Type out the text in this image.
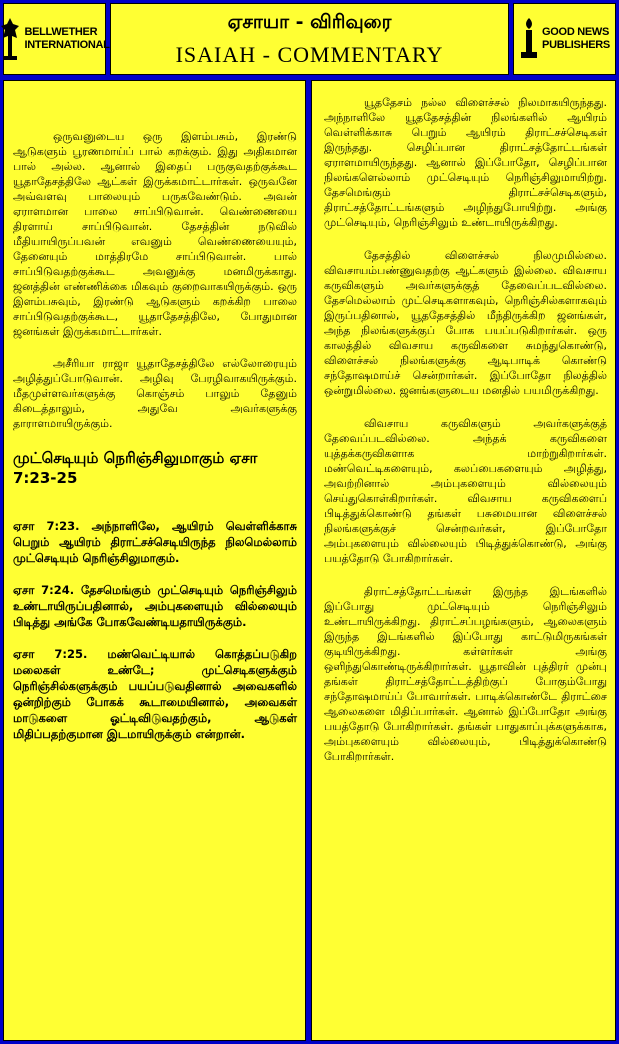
BELLWETHER
INTERNATIONAL
ஏசாயா - விரிவுரை
ISAIAH - COMMENTARY
GOOD NEWS
PUBLISHERS

ஒருவனுடைய ஒரு இளம்பசும், இரண்டு ஆடுகளும் பூரணமாய்ப் பால் கறக்கும். இது அதிகமான பால் அல்ல. ஆனால் இதைப் பருகுவதற்குக்கூட யூதாதேசத்திலே ஆட்கள் இருக்கமாட்டார்கள். ஒருவனே அவ்வளவு பாலையும் பருகவேண்டும். அவன் ஏராளமான பாலை சாப்பிடுவான். வெண்ணையை திரளாய் சாப்பிடுவான். தேசத்தின் நடுவில் மீதியாயிருப்பவன் எவனும் வெண்ணையையும், தேனையும் மாத்திரமே சாப்பிடுவான். பால் சாப்பிடுவதற்குக்கூட அவனுக்கு மனமிருக்காது. ஜனத்தின் எண்ணிக்கை மிகவும் குறைவாகயிருக்கும். ஒரு இளம்பசுவும், இரண்டு ஆடுகளும் கறக்கிற பாலை சாப்பிடுவதற்குக்கூட, யூதாதேசத்திலே, போதுமான ஜனங்கள் இருக்கமாட்டார்கள்.

அசீரியா ராஜா யூதாதேசத்திலே எல்லோரையும் அழித்துப்போடுவான். அழிவு பேரழிவாகயிருக்கும். மீதமுள்ளவர்களுக்கு கொஞ்சம் பாலும் தேனும் கிடைத்தாலும், அதுவே அவர்களுக்கு தாராளமாயிருக்கும்.

முட்செடியும் நெரிஞ்சிலுமாகும் ஏசா 7:23-25

ஏசா 7:23. அந்நாளிலே, ஆயிரம் வெள்ளிக்காசு பெறும் ஆயிரம் திராட்சச்செடியிருந்த நிலமெல்லாம் முட்செடியும் நெரிஞ்சிலுமாகும்.

ஏசா 7:24. தேசமெங்கும் முட்செடியும் நெரிஞ்சிலும் உண்டாயிருப்பதினால், அம்புகளையும் வில்லையும் பிடித்து அங்கே போகவேண்டியதாயிருக்கும்.

ஏசா 7:25. மண்வெட்டியால் கொத்தப்படுகிற மலைகள் உண்டே; முட்செடிகளுக்கும் நெரிஞ்சில்களுக்கும் பயப்படுவதினால் அவைகளில் ஒன்றிற்கும் போகக் கூடாமையினால், அவைகள் மாடுகளை ஓட்டிவிடுவதற்கும், ஆடுகள் மிதிப்பதற்குமான இடமாயிருக்கும் என்றான்.

யூததேசம் நல்ல விளைச்சல் நிலமாகயிருந்தது. அந்நாளிலே யூததேசத்தின் நிலங்களில் ஆயிரம் வெள்ளிக்காசு பெறும் ஆயிரம் திராட்சச்செடிகள் இருந்தது. செழிப்பான திராட்சத்தோட்டங்கள் ஏராளமாயிருந்தது. ஆனால் இப்போதோ, செழிப்பான நிலங்களெல்லாம் முட்செடியும் நெரிஞ்சிலுமாயிற்று. தேசமெங்கும் திராட்சச்செடிகளும், திராட்சத்தோட்டங்களும் அழிந்துபோயிற்று. அங்கு முட்செடியும், நெரிஞ்சிலும் உண்டாயிருக்கிறது.

தேசத்தில் விளைச்சல் நிலமுமில்லை. விவசாயம்பண்ணுவதற்கு ஆட்களும் இல்லை. விவசாய கருவிகளும் அவர்களுக்குத் தேவைப்படவில்லை. தேசமெல்லாம் முட்செடிகளாகவும், நெரிஞ்சில்களாகவும் இருப்பதினால், யூததேசத்தில் மீந்திருக்கிற ஜனங்கள், அந்த நிலங்களுக்குப் போக பயப்படுகிறார்கள். ஒரு காலத்தில் விவசாய கருவிகளை சுமந்துகொண்டு, விளைச்சல் நிலங்களுக்கு ஆடிபாடிக் கொண்டு சந்தோஷமாய்ச் சென்றார்கள். இப்போதோ நிலத்தில் ஒன்றுமில்லை. ஜனங்களுடைய மனதில் பயமிருக்கிறது.

விவசாய கருவிகளும் அவர்களுக்குத் தேவைப்படவில்லை. அந்தக் கருவிகளை யுத்தக்கருவிகளாக மாற்றுகிறார்கள். மண்வெட்டிகளையும், கலப்பைகளையும் அழித்து, அவற்றினால் அம்புகளையும் வில்லையும் செய்துகொள்கிறார்கள். விவசாய கருவிகளைப் பிடித்துக்கொண்டு தங்கள் பசுமையான விளைச்சல் நிலங்களுக்குச் சென்றவர்கள், இப்போதோ அம்புகளையும் வில்லையும் பிடித்துக்கொண்டு, அங்கு பயத்தோடு போகிறார்கள்.

திராட்சத்தோட்டங்கள் இருந்த இடங்களில் இப்போது முட்செடியும் நெரிஞ்சிலும் உண்டாயிருக்கிறது. திராட்சப்பழங்களும், ஆலைகளும் இருந்த இடங்களில் இப்போது காட்டுமிருகங்கள் குடியிருக்கிறது. கள்ளர்கள் அங்கு ஒளிந்துகொண்டிருக்கிறார்கள். யூதாவின் புத்திரர் முன்பு தங்கள் திராட்சத்தோட்டத்திற்குப் போகும்போது சந்தோஷமாய்ப் போவார்கள். பாடிக்கொண்டே திராட்சை ஆலைகளை மிதிப்பார்கள். ஆனால் இப்போதோ அங்கு பயத்தோடு போகிறார்கள். தங்கள் பாதுகாப்புக்களுக்காக, அம்புகளையும் வில்லையும், பிடித்துக்கொண்டு போகிறார்கள்.
